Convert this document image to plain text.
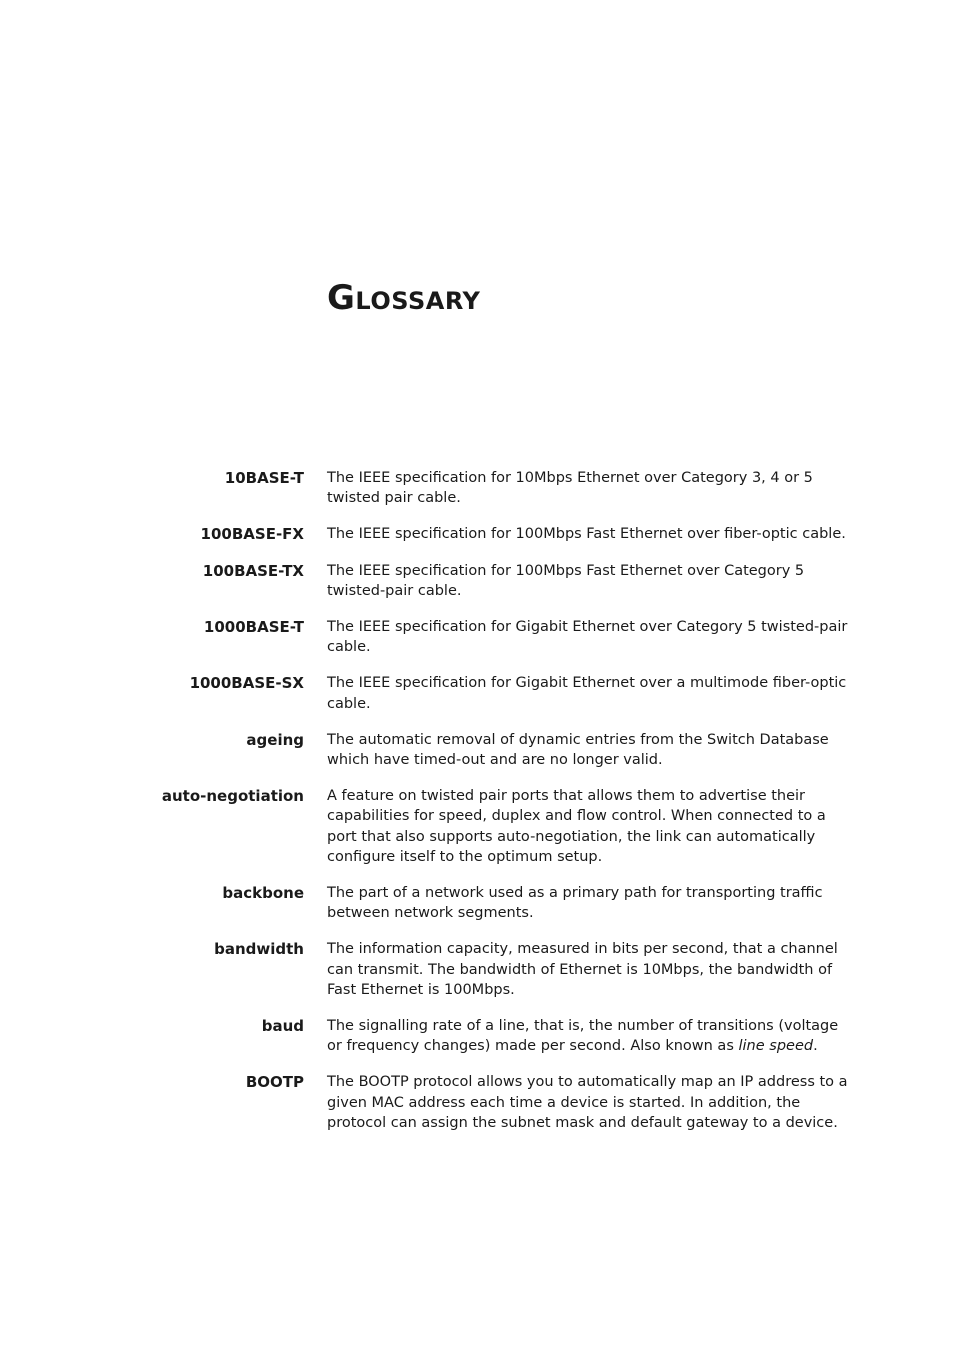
GLOSSARY
10BASE-T The IEEE specification for 10Mbps Ethernet over Category 3, 4 or 5 twisted pair cable.
100BASE-FX The IEEE specification for 100Mbps Fast Ethernet over fiber-optic cable.
100BASE-TX The IEEE specification for 100Mbps Fast Ethernet over Category 5 twisted-pair cable.
1000BASE-T The IEEE specification for Gigabit Ethernet over Category 5 twisted-pair cable.
1000BASE-SX The IEEE specification for Gigabit Ethernet over a multimode fiber-optic cable.
ageing The automatic removal of dynamic entries from the Switch Database which have timed-out and are no longer valid.
auto-negotiation A feature on twisted pair ports that allows them to advertise their capabilities for speed, duplex and flow control. When connected to a port that also supports auto-negotiation, the link can automatically configure itself to the optimum setup.
backbone The part of a network used as a primary path for transporting traffic between network segments.
bandwidth The information capacity, measured in bits per second, that a channel can transmit. The bandwidth of Ethernet is 10Mbps, the bandwidth of Fast Ethernet is 100Mbps.
baud The signalling rate of a line, that is, the number of transitions (voltage or frequency changes) made per second. Also known as line speed.
BOOTP The BOOTP protocol allows you to automatically map an IP address to a given MAC address each time a device is started. In addition, the protocol can assign the subnet mask and default gateway to a device.
